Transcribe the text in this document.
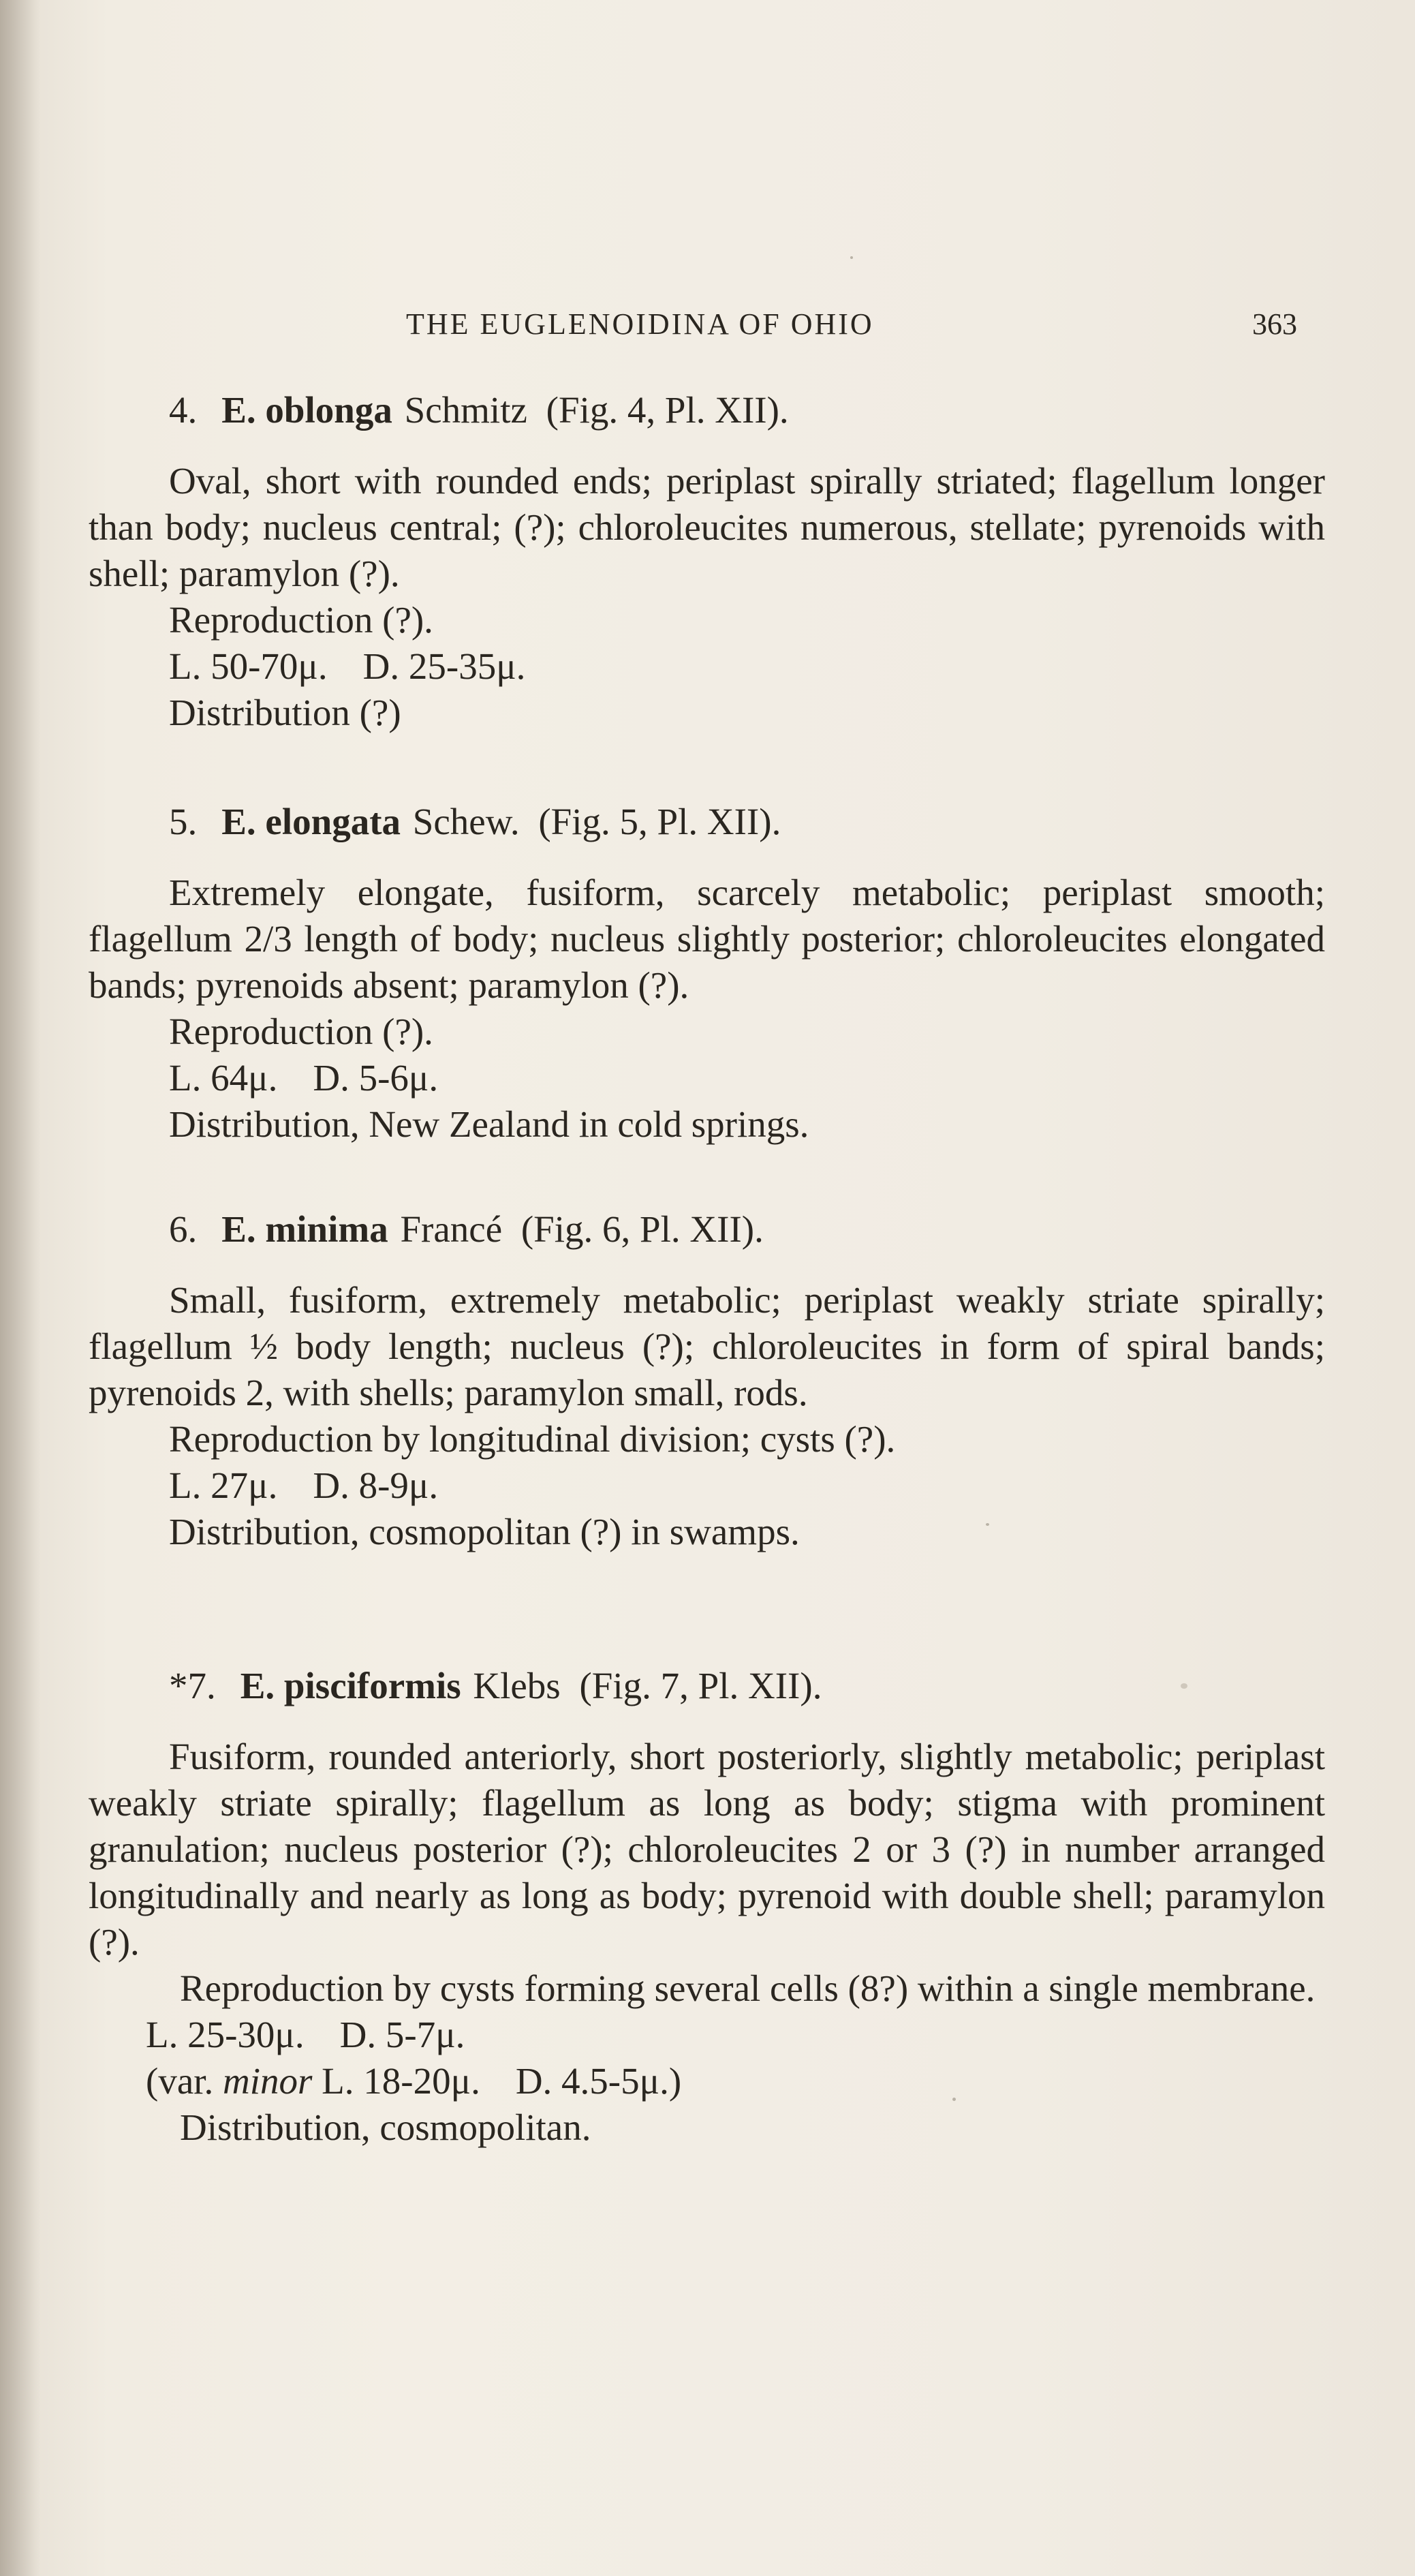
THE EUGLENOIDINA OF OHIO	363
4. E. oblonga Schmitz (Fig. 4, Pl. XII).

Oval, short with rounded ends; periplast spirally striated; flagellum longer than body; nucleus central; (?); chloroleucites numerous, stellate; pyrenoids with shell; paramylon (?).

Reproduction (?).

L. 50-70μ. D. 25-35μ.

Distribution (?)

5. E. elongata Schew. (Fig. 5, Pl. XII).

Extremely elongate, fusiform, scarcely metabolic; periplast smooth; flagellum 2/3 length of body; nucleus slightly posterior; chloroleucites elongated bands; pyrenoids absent; paramylon (?).

Reproduction (?).

L. 64μ. D. 5-6μ.

Distribution, New Zealand in cold springs.

6. E. minima Francé (Fig. 6, Pl. XII).

Small, fusiform, extremely metabolic; periplast weakly striate spirally; flagellum ½ body length; nucleus (?); chloroleucites in form of spiral bands; pyrenoids 2, with shells; paramylon small, rods.

Reproduction by longitudinal division; cysts (?).

L. 27μ. D. 8-9μ.

Distribution, cosmopolitan (?) in swamps.

*7. E. pisciformis Klebs (Fig. 7, Pl. XII).

Fusiform, rounded anteriorly, short posteriorly, slightly metabolic; periplast weakly striate spirally; flagellum as long as body; stigma with prominent granulation; nucleus posterior (?); chloroleucites 2 or 3 (?) in number arranged longitudinally and nearly as long as body; pyrenoid with double shell; paramylon (?).

Reproduction by cysts forming several cells (8?) within a single membrane.

L. 25-30μ. D. 5-7μ.

(var. minor L. 18-20μ. D. 4.5-5μ.)

Distribution, cosmopolitan.
